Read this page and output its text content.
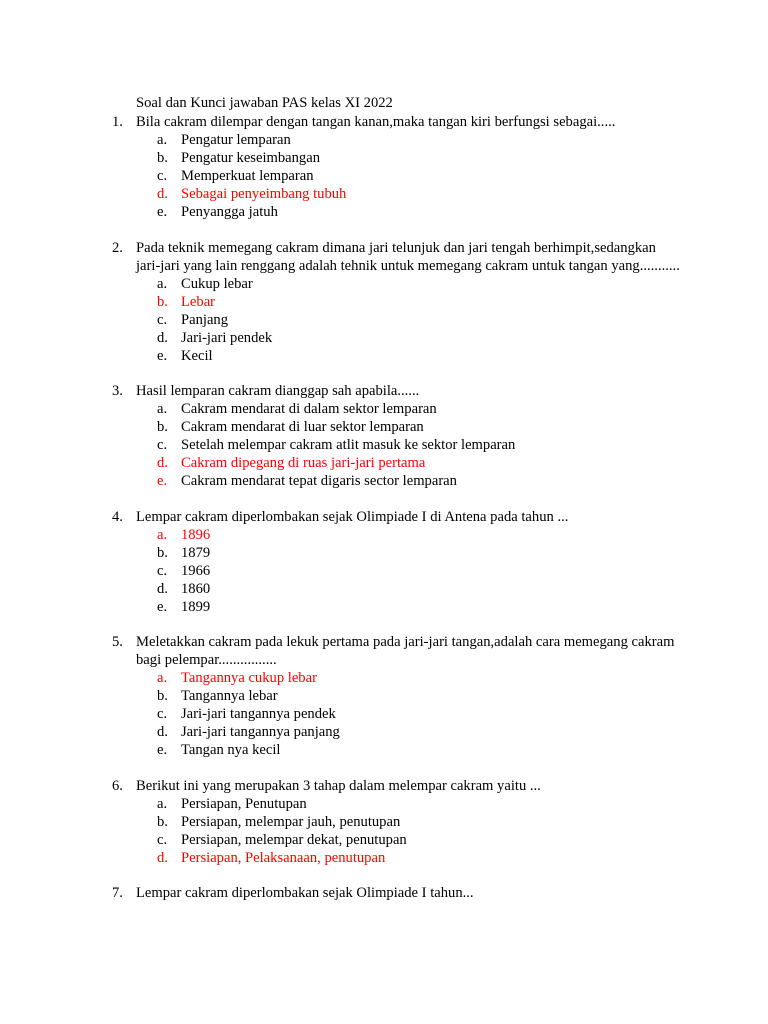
Soal dan Kunci jawaban PAS kelas XI 2022
1. Bila cakram dilempar dengan tangan kanan,maka tangan kiri berfungsi sebagai.....
a. Pengatur lemparan
b. Pengatur keseimbangan
c. Memperkuat lemparan
d. Sebagai penyeimbang tubuh
e. Penyangga jatuh
2. Pada teknik memegang cakram dimana jari telunjuk dan jari tengah berhimpit,sedangkan jari-jari yang lain renggang adalah tehnik untuk memegang cakram untuk tangan yang...........
a. Cukup lebar
b. Lebar
c. Panjang
d. Jari-jari pendek
e. Kecil
3. Hasil lemparan cakram dianggap sah apabila......
a. Cakram mendarat di dalam sektor lemparan
b. Cakram mendarat di luar sektor lemparan
c. Setelah melempar cakram atlit masuk ke sektor lemparan
d. Cakram dipegang di ruas jari-jari pertama
e. Cakram mendarat tepat digaris sector lemparan
4. Lempar cakram diperlombakan sejak Olimpiade I di Antena pada tahun ...
a. 1896
b. 1879
c. 1966
d. 1860
e. 1899
5. Meletakkan cakram pada lekuk pertama pada jari-jari tangan,adalah cara memegang cakram bagi pelempar................
a. Tangannya cukup lebar
b. Tangannya lebar
c. Jari-jari tangannya pendek
d. Jari-jari tangannya panjang
e. Tangan nya kecil
6. Berikut ini yang merupakan 3 tahap dalam melempar cakram yaitu ...
a. Persiapan, Penutupan
b. Persiapan, melempar jauh, penutupan
c. Persiapan, melempar dekat, penutupan
d. Persiapan, Pelaksanaan, penutupan
7. Lempar cakram diperlombakan sejak Olimpiade I tahun...
